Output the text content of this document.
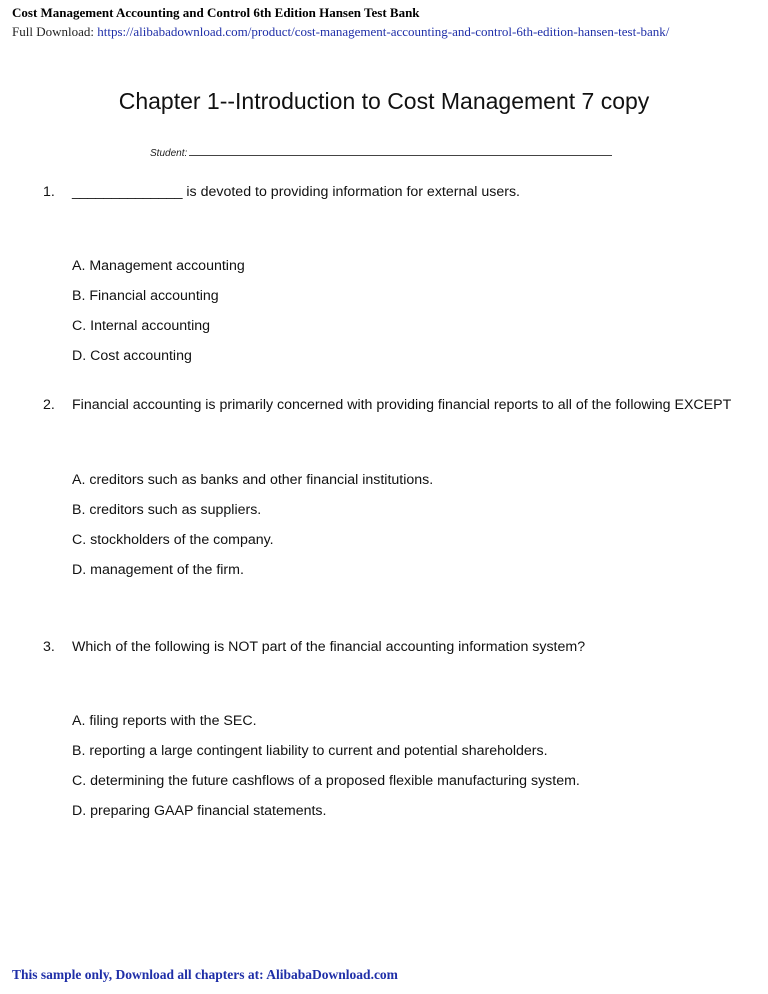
Cost Management Accounting and Control 6th Edition Hansen Test Bank
Full Download: https://alibabadownload.com/product/cost-management-accounting-and-control-6th-edition-hansen-test-bank/
Chapter 1--Introduction to Cost Management 7 copy
Student:
1. ______________ is devoted to providing information for external users.
A. Management accounting
B. Financial accounting
C. Internal accounting
D. Cost accounting
2. Financial accounting is primarily concerned with providing financial reports to all of the following EXCEPT
A. creditors such as banks and other financial institutions.
B. creditors such as suppliers.
C. stockholders of the company.
D. management of the firm.
3. Which of the following is NOT part of the financial accounting information system?
A. filing reports with the SEC.
B. reporting a large contingent liability to current and potential shareholders.
C. determining the future cashflows of a proposed flexible manufacturing system.
D. preparing GAAP financial statements.
This sample only, Download all chapters at: AlibabaDownload.com
